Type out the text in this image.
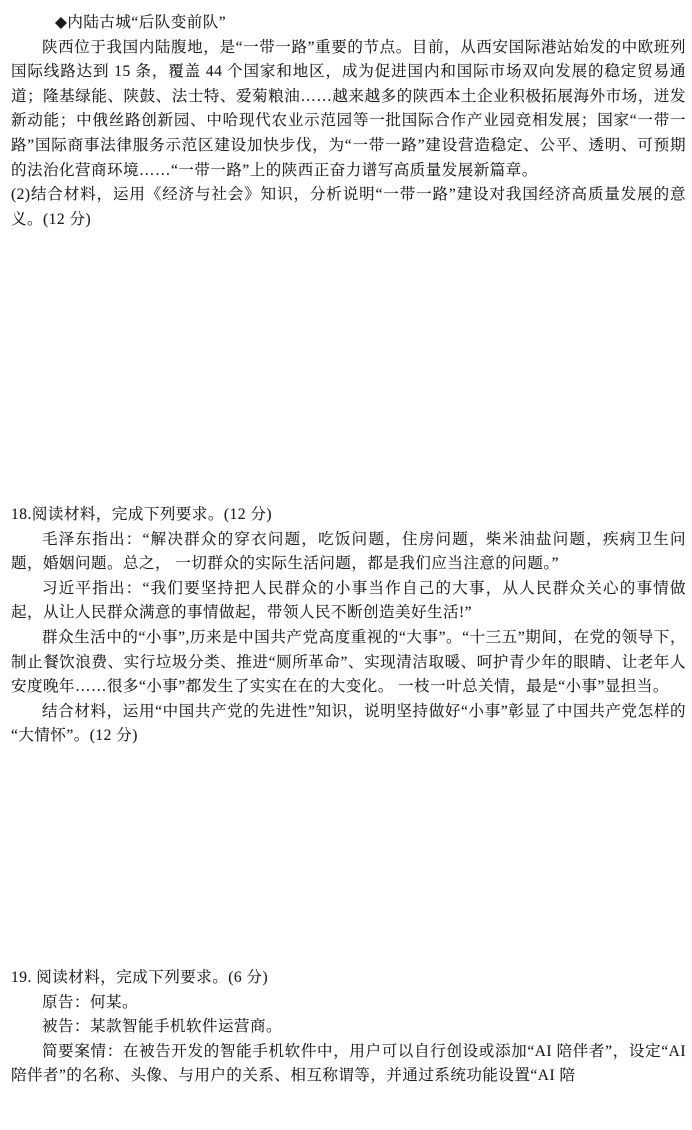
◆内陆古城“后队变前队”

陕西位于我国内陆腹地，是“一带一路”重要的节点。目前，从西安国际港站始发的中欧班列国际线路达到 15 条，覆盖 44 个国家和地区，成为促进国内和国际市场双向发展的稳定贸易通道；隆基绿能、陕鼓、法士特、爱菊粮油……越来越多的陕西本土企业积极拓展海外市场，迸发新动能；中俄丝路创新园、中哈现代农业示范园等一批国际合作产业园竞相发展；国家“一带一路”国际商事法律服务示范区建设加快步伐，为“一带一路”建设营造稳定、公平、透明、可预期的法治化营商环境……“一带一路”上的陕西正奋力谱写高质量发展新篇章。

(2)结合材料，运用《经济与社会》知识，分析说明“一带一路”建设对我国经济高质量发展的意义。(12 分)

18.阅读材料，完成下列要求。(12 分)

毛泽东指出：“解决群众的穿衣问题，吃饭问题，住房问题，柴米油盐问题，疾病卫生问题，婚姻问题。总之， 一切群众的实际生活问题，都是我们应当注意的问题。”

习近平指出：“我们要坚持把人民群众的小事当作自己的大事，从人民群众关心的事情做起，从让人民群众满意的事情做起，带领人民不断创造美好生活!”

群众生活中的“小事”,历来是中国共产党高度重视的“大事”。“十三五”期间，在党的领导下，制止餐饮浪费、实行垃圾分类、推进“厕所革命”、实现清洁取暖、呵护青少年的眼睛、让老年人安度晚年……很多“小事”都发生了实实在在的大变化。 一枝一叶总关情，最是“小事”显担当。

结合材料，运用“中国共产党的先进性”知识，说明坚持做好“小事”彰显了中国共产党怎样的“大情怀”。(12 分)

19. 阅读材料，完成下列要求。(6 分)

原告：何某。

被告：某款智能手机软件运营商。

简要案情：在被告开发的智能手机软件中，用户可以自行创设或添加“AI 陪伴者”，设定“AI 陪伴者”的名称、头像、与用户的关系、相互称谓等，并通过系统功能设置“AI 陪
